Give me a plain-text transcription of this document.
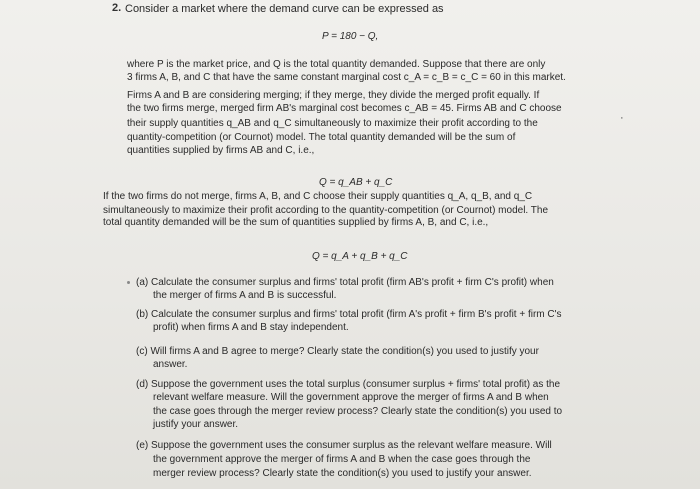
2. Consider a market where the demand curve can be expressed as
P = 180 − Q,
where P is the market price, and Q is the total quantity demanded. Suppose that there are only
3 firms A, B, and C that have the same constant marginal cost c_A = c_B = c_C = 60 in this market.
Firms A and B are considering merging; if they merge, they divide the merged profit equally. If
the two firms merge, merged firm AB's marginal cost becomes c_AB = 45. Firms AB and C choose
their supply quantities q_AB and q_C simultaneously to maximize their profit according to the
quantity-competition (or Cournot) model. The total quantity demanded will be the sum of
quantities supplied by firms AB and C, i.e.,
Q = q_AB + q_C
If the two firms do not merge, firms A, B, and C choose their supply quantities q_A, q_B, and q_C
simultaneously to maximize their profit according to the quantity-competition (or Cournot) model. The
total quantity demanded will be the sum of quantities supplied by firms A, B, and C, i.e.,
Q = q_A + q_B + q_C
(a) Calculate the consumer surplus and firms' total profit (firm AB's profit + firm C's profit) when
the merger of firms A and B is successful.
(b) Calculate the consumer surplus and firms' total profit (firm A's profit + firm B's profit + firm C's
profit) when firms A and B stay independent.
(c) Will firms A and B agree to merge? Clearly state the condition(s) you used to justify your
answer.
(d) Suppose the government uses the total surplus (consumer surplus + firms' total profit) as the
relevant welfare measure. Will the government approve the merger of firms A and B when
the case goes through the merger review process? Clearly state the condition(s) you used to
justify your answer.
(e) Suppose the government uses the consumer surplus as the relevant welfare measure. Will
the government approve the merger of firms A and B when the case goes through the
merger review process? Clearly state the condition(s) you used to justify your answer.
·
